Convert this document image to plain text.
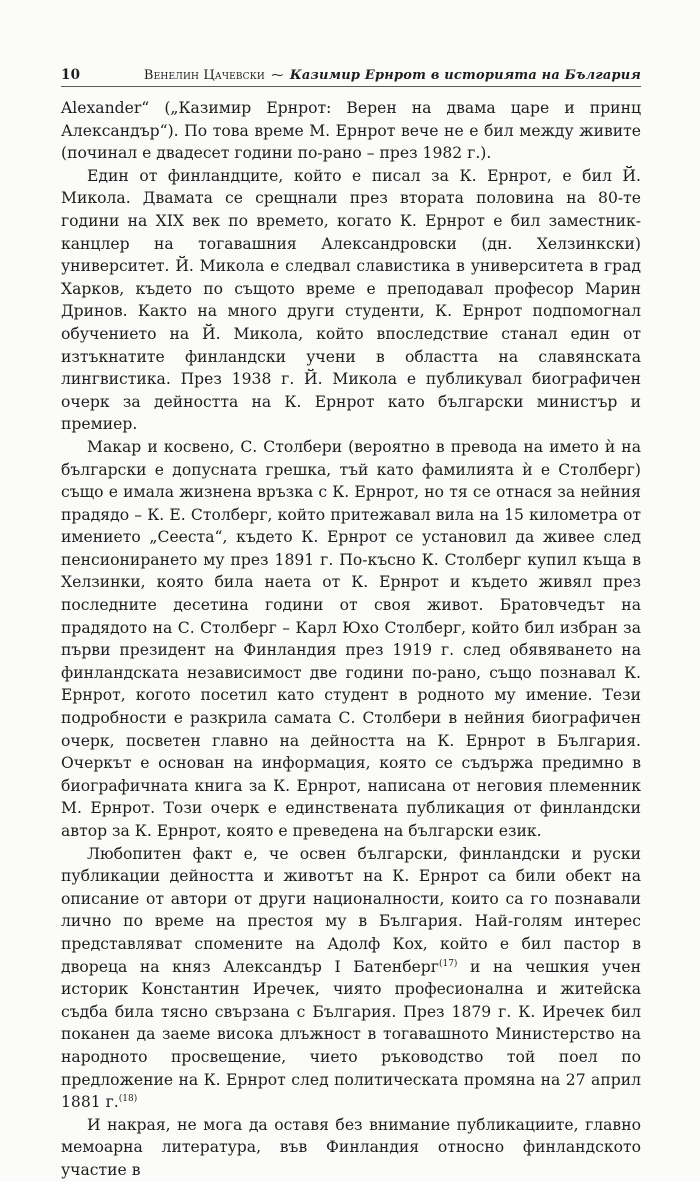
10	Венелин Цачевски ⁓ Казимир Ернрот в историята на България

Alexander“ („Казимир Ернрот: Верен на двама царе и принц Александър“). По това време М. Ернрот вече не е бил между живите (починал е двадесет години по-рано – през 1982 г.).

Един от финландците, който е писал за К. Ернрот, е бил Й. Микола. Двамата се срещнали през втората половина на 80-те години на XIX век по времето, когато К. Ернрот е бил заместник-канцлер на тогавашния Александровски (дн. Хелзинкски) университет. Й. Микола е следвал славистика в университета в град Харков, където по същото време е преподавал професор Марин Дринов. Както на много други студенти, К. Ернрот подпомогнал обучението на Й. Микола, който впоследствие станал един от изтъкнатите финландски учени в областта на славянската лингвистика. През 1938 г. Й. Микола е публикувал биографичен очерк за дейността на К. Ернрот като български министър и премиер.

Макар и косвено, С. Столбери (вероятно в превода на името ѝ на български е допусната грешка, тъй като фамилията ѝ е Столберг) също е имала жизнена връзка с К. Ернрот, но тя се отнася за нейния прадядо – К. Е. Столберг, който притежавал вила на 15 километра от имението „Сееста“, където К. Ернрот се установил да живее след пенсионирането му през 1891 г. По-късно К. Столберг купил къща в Хелзинки, която била наета от К. Ернрот и където живял през последните десетина години от своя живот. Братовчедът на прадядото на С. Столберг – Карл Юхо Столберг, който бил избран за първи президент на Финландия през 1919 г. след обявяването на финландската независимост две години по-рано, също познавал К. Ернрот, когото посетил като студент в родното му имение. Тези подробности е разкрила самата С. Столбери в нейния биографичен очерк, посветен главно на дейността на К. Ернрот в България. Очеркът е основан на информация, която се съдържа предимно в биографичната книга за К. Ернрот, написана от неговия племенник М. Ернрот. Този очерк е единствената публикация от финландски автор за К. Ернрот, която е преведена на български език.

Любопитен факт е, че освен български, финландски и руски публикации дейността и животът на К. Ернрот са били обект на описание от автори от други националности, които са го познавали лично по време на престоя му в България. Най-голям интерес представляват спомените на Адолф Кох, който е бил пастор в двореца на княз Александър I Батенберг$^{(17)}$ и на чешкия учен историк Константин Иречек, чиято професионална и житейска съдба била тясно свързана с България. През 1879 г. К. Иречек бил поканен да заеме висока длъжност в тогавашното Министерство на народното просвещение, чието ръководство той поел по предложение на К. Ернрот след политическата промяна на 27 април 1881 г.$^{(18)}$

И накрая, не мога да оставя без внимание публикациите, главно мемоарна литература, във Финландия относно финландското участие в
